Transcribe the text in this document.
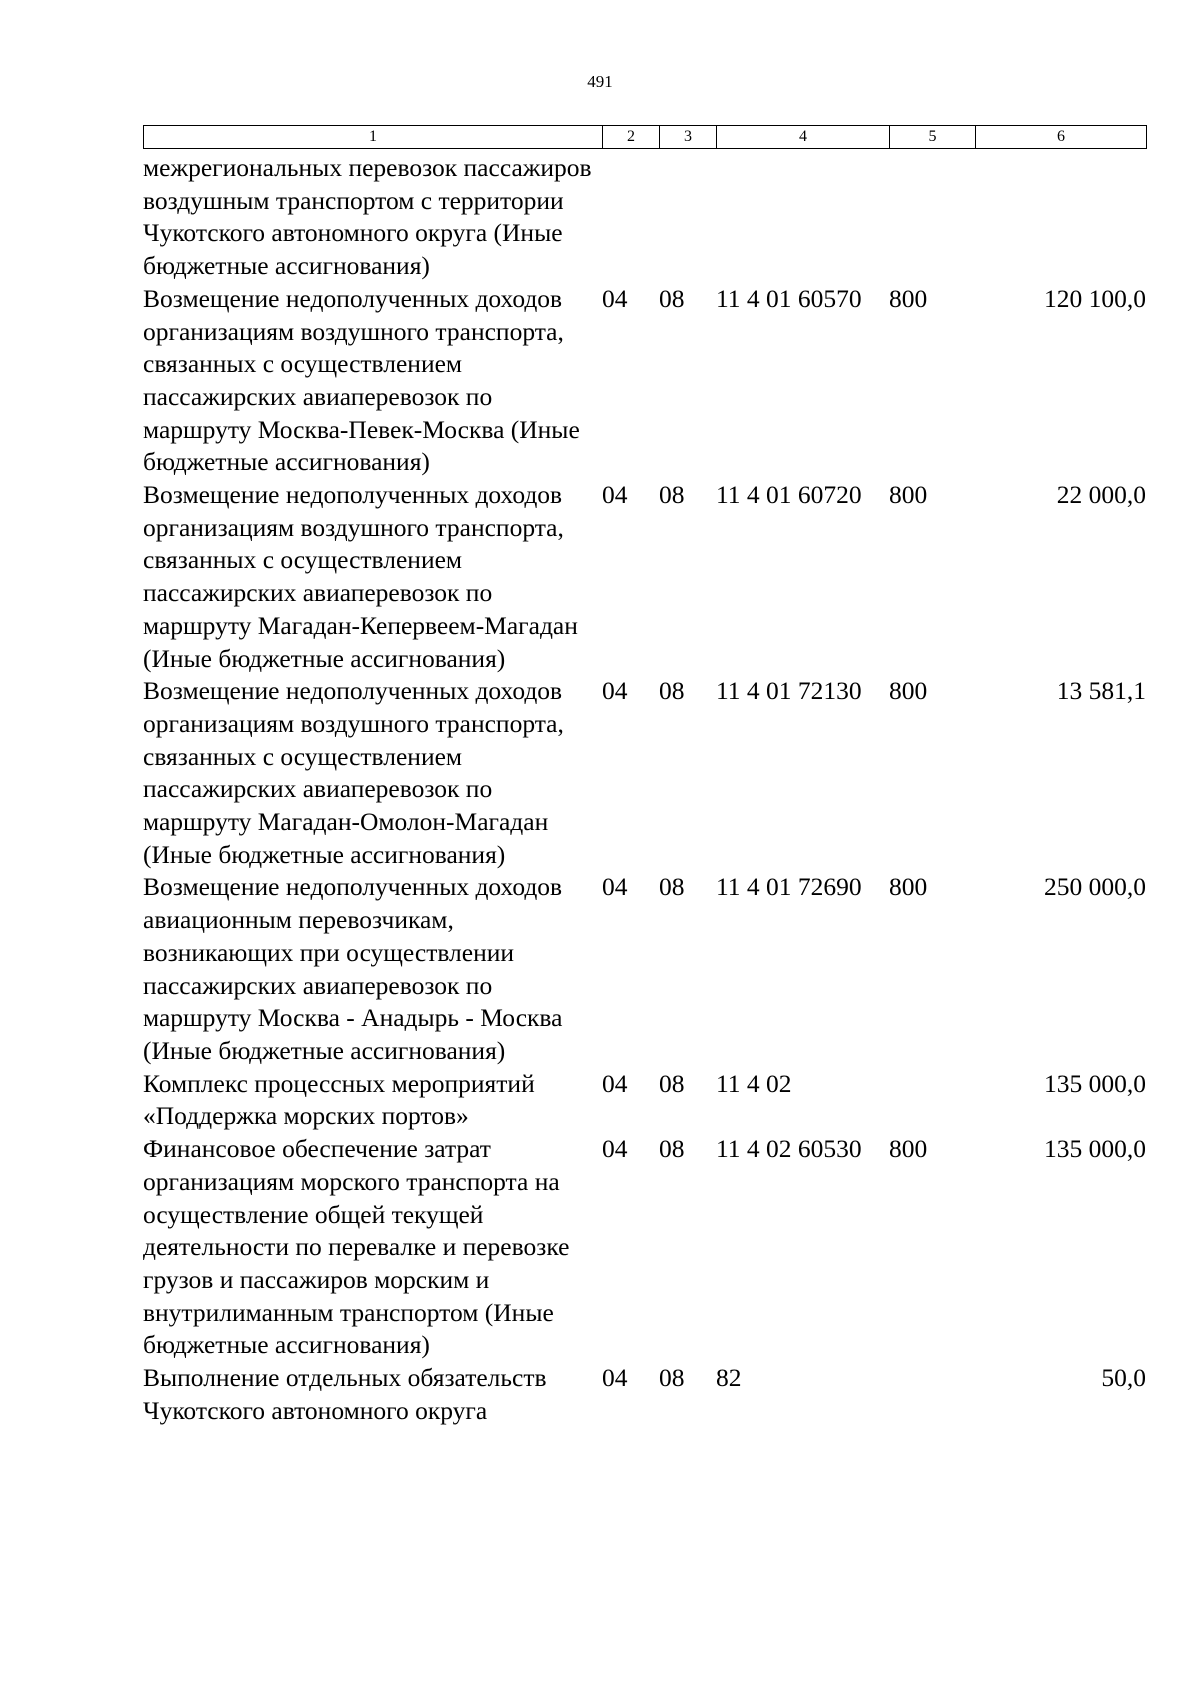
491
1	2	3	4	5	6
межрегиональных перевозок пассажиров воздушным транспортом с территории Чукотского автономного округа (Иные бюджетные ассигнования)					
Возмещение недополученных доходов организациям воздушного транспорта, связанных с осуществлением пассажирских авиаперевозок по маршруту Москва-Певек-Москва (Иные бюджетные ассигнования)	04	08	11 4 01 60570	800	120 100,0
Возмещение недополученных доходов организациям воздушного транспорта, связанных с осуществлением пассажирских авиаперевозок по маршруту Магадан-Кепервеем-Магадан (Иные бюджетные ассигнования)	04	08	11 4 01 60720	800	22 000,0
Возмещение недополученных доходов организациям воздушного транспорта, связанных с осуществлением пассажирских авиаперевозок по маршруту Магадан-Омолон-Магадан (Иные бюджетные ассигнования)	04	08	11 4 01 72130	800	13 581,1
Возмещение недополученных доходов авиационным перевозчикам, возникающих при осуществлении пассажирских авиаперевозок по маршруту Москва - Анадырь - Москва (Иные бюджетные ассигнования)	04	08	11 4 01 72690	800	250 000,0
Комплекс процессных мероприятий «Поддержка морских портов»	04	08	11 4 02		135 000,0
Финансовое обеспечение затрат организациям морского транспорта на осуществление общей текущей деятельности по перевалке и перевозке грузов и пассажиров морским и внутрилиманным транспортом (Иные бюджетные ассигнования)	04	08	11 4 02 60530	800	135 000,0
Выполнение отдельных обязательств Чукотского автономного округа	04	08	82		50,0
